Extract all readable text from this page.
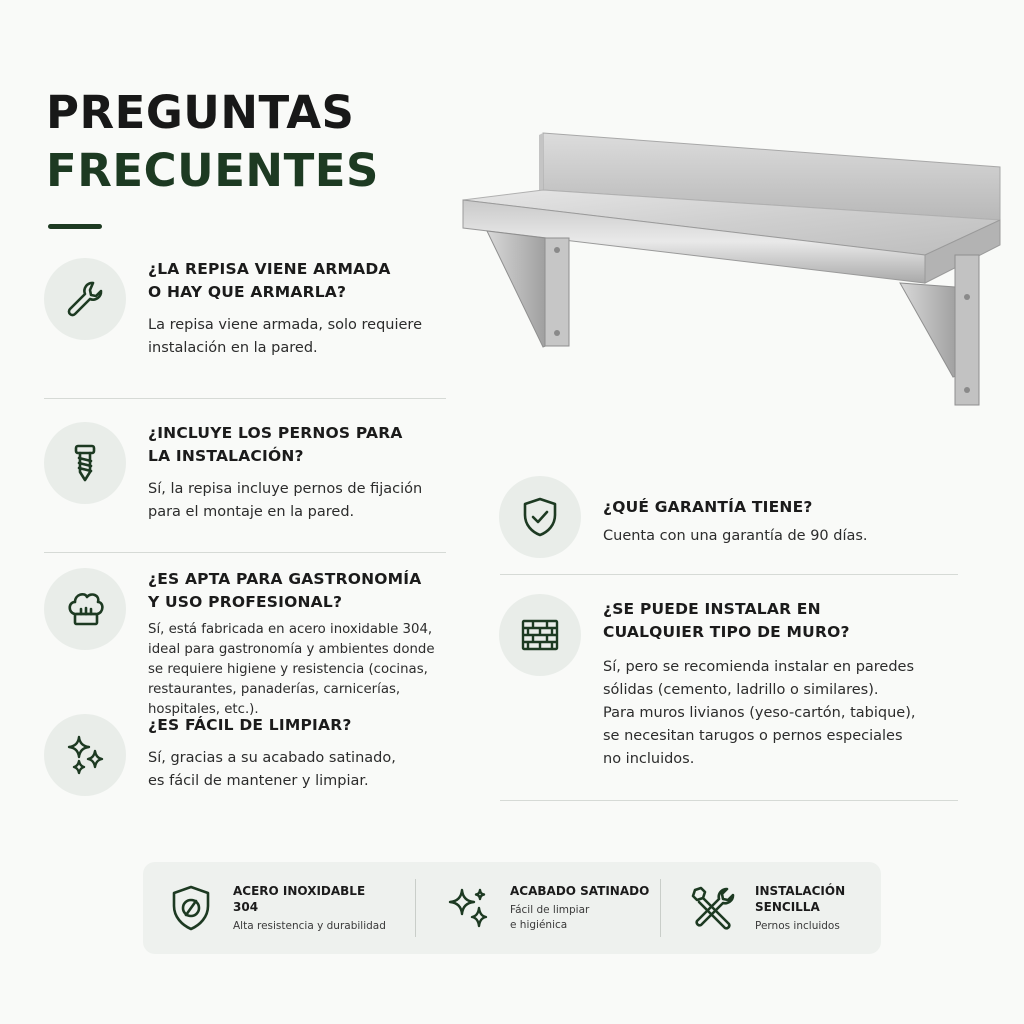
PREGUNTAS
FRECUENTES
¿LA REPISA VIENE ARMADA
O HAY QUE ARMARLA?
La repisa viene armada, solo requiere
instalación en la pared.
¿INCLUYE LOS PERNOS PARA
LA INSTALACIÓN?
Sí, la repisa incluye pernos de fijación
para el montaje en la pared.
¿ES APTA PARA GASTRONOMÍA
Y USO PROFESIONAL?
Sí, está fabricada en acero inoxidable 304,
ideal para gastronomía y ambientes donde
se requiere higiene y resistencia (cocinas,
restaurantes, panaderías, carnicerías,
hospitales, etc.).
¿ES FÁCIL DE LIMPIAR?
Sí, gracias a su acabado satinado,
es fácil de mantener y limpiar.
¿QUÉ GARANTÍA TIENE?
Cuenta con una garantía de 90 días.
¿SE PUEDE INSTALAR EN
CUALQUIER TIPO DE MURO?
Sí, pero se recomienda instalar en paredes
sólidas (cemento, ladrillo o similares).
Para muros livianos (yeso-cartón, tabique),
se necesitan tarugos o pernos especiales
no incluidos.
ACERO INOXIDABLE
304
Alta resistencia y durabilidad
ACABADO SATINADO
Fácil de limpiar
e higiénica
INSTALACIÓN
SENCILLA
Pernos incluidos
